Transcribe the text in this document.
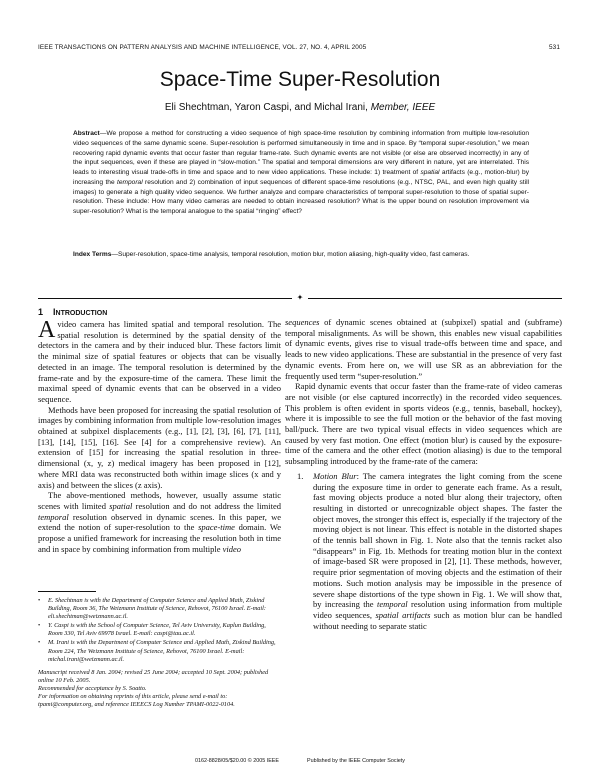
IEEE TRANSACTIONS ON PATTERN ANALYSIS AND MACHINE INTELLIGENCE, VOL. 27, NO. 4, APRIL 2005	531
Space-Time Super-Resolution
Eli Shechtman, Yaron Caspi, and Michal Irani, Member, IEEE
Abstract—We propose a method for constructing a video sequence of high space-time resolution by combining information from multiple low-resolution video sequences of the same dynamic scene. Super-resolution is performed simultaneously in time and in space. By “temporal super-resolution,” we mean recovering rapid dynamic events that occur faster than regular frame-rate. Such dynamic events are not visible (or else are observed incorrectly) in any of the input sequences, even if these are played in “slow-motion.” The spatial and temporal dimensions are very different in nature, yet are interrelated. This leads to interesting visual trade-offs in time and space and to new video applications. These include: 1) treatment of spatial artifacts (e.g., motion-blur) by increasing the temporal resolution and 2) combination of input sequences of different space-time resolutions (e.g., NTSC, PAL, and even high quality still images) to generate a high quality video sequence. We further analyze and compare characteristics of temporal super-resolution to those of spatial super-resolution. These include: How many video cameras are needed to obtain increased resolution? What is the upper bound on resolution improvement via super-resolution? What is the temporal analogue to the spatial “ringing” effect?
Index Terms—Super-resolution, space-time analysis, temporal resolution, motion blur, motion aliasing, high-quality video, fast cameras.
✦
1 INTRODUCTION

A video camera has limited spatial and temporal resolution. The spatial resolution is determined by the spatial density of the detectors in the camera and by their induced blur. These factors limit the minimal size of spatial features or objects that can be visually detected in an image. The temporal resolution is determined by the frame-rate and by the exposure-time of the camera. These limit the maximal speed of dynamic events that can be observed in a video sequence.

Methods have been proposed for increasing the spatial resolution of images by combining information from multiple low-resolution images obtained at subpixel displacements (e.g., [1], [2], [3], [6], [7], [11], [13], [14], [15], [16]. See [4] for a comprehensive review). An extension of [15] for increasing the spatial resolution in three-dimensional (x, y, z) medical imagery has been proposed in [12], where MRI data was reconstructed both within image slices (x and y axis) and between the slices (z axis).

The above-mentioned methods, however, usually assume static scenes with limited spatial resolution and do not address the limited temporal resolution observed in dynamic scenes. In this paper, we extend the notion of super-resolution to the space-time domain. We propose a unified framework for increasing the resolution both in time and in space by combining information from multiple video

•	E. Shechtman is with the Department of Computer Science and Applied Math, Ziskind Building, Room 36, The Weizmann Institute of Science, Rehovot, 76100 Israel. E-mail: eli.shechtman@weizmann.ac.il.
•	Y. Caspi is with the School of Computer Science, Tel Aviv University, Kaplun Building, Room 330, Tel Aviv 69978 Israel. E-mail: caspi@tau.ac.il.
•	M. Irani is with the Department of Computer Science and Applied Math, Ziskind Building, Room 224, The Weizmann Institute of Science, Rehovot, 76100 Israel. E-mail: michal.irani@weizmann.ac.il.

Manuscript received 8 Jan. 2004; revised 25 June 2004; accepted 10 Sept. 2004; published online 10 Feb. 2005.

Recommended for acceptance by S. Soatto.

For information on obtaining reprints of this article, please send e-mail to: tpami@computer.org, and reference IEEECS Log Number TPAMI-0022-0104.

sequences of dynamic scenes obtained at (subpixel) spatial and (subframe) temporal misalignments. As will be shown, this enables new visual capabilities of dynamic events, gives rise to visual trade-offs between time and space, and leads to new video applications. These are substantial in the presence of very fast dynamic events. From here on, we will use SR as an abbreviation for the frequently used term “super-resolution.”

Rapid dynamic events that occur faster than the frame-rate of video cameras are not visible (or else captured incorrectly) in the recorded video sequences. This problem is often evident in sports videos (e.g., tennis, baseball, hockey), where it is impossible to see the full motion or the behavior of the fast moving ball/puck. There are two typical visual effects in video sequences which are caused by very fast motion. One effect (motion blur) is caused by the exposure-time of the camera and the other effect (motion aliasing) is due to the temporal subsampling introduced by the frame-rate of the camera:

1.	Motion Blur: The camera integrates the light coming from the scene during the exposure time in order to generate each frame. As a result, fast moving objects produce a noted blur along their trajectory, often resulting in distorted or unrecognizable object shapes. The faster the object moves, the stronger this effect is, especially if the trajectory of the moving object is not linear. This effect is notable in the distorted shapes of the tennis ball shown in Fig. 1. Note also that the tennis racket also “disappears” in Fig. 1b. Methods for treating motion blur in the context of image-based SR were proposed in [2], [1]. These methods, however, require prior segmentation of moving objects and the estimation of their motions. Such motion analysis may be impossible in the presence of severe shape distortions of the type shown in Fig. 1. We will show that, by increasing the temporal resolution using information from multiple video sequences, spatial artifacts such as motion blur can be handled without needing to separate static
0162-8828/05/$20.00 © 2005 IEEE	Published by the IEEE Computer Society
